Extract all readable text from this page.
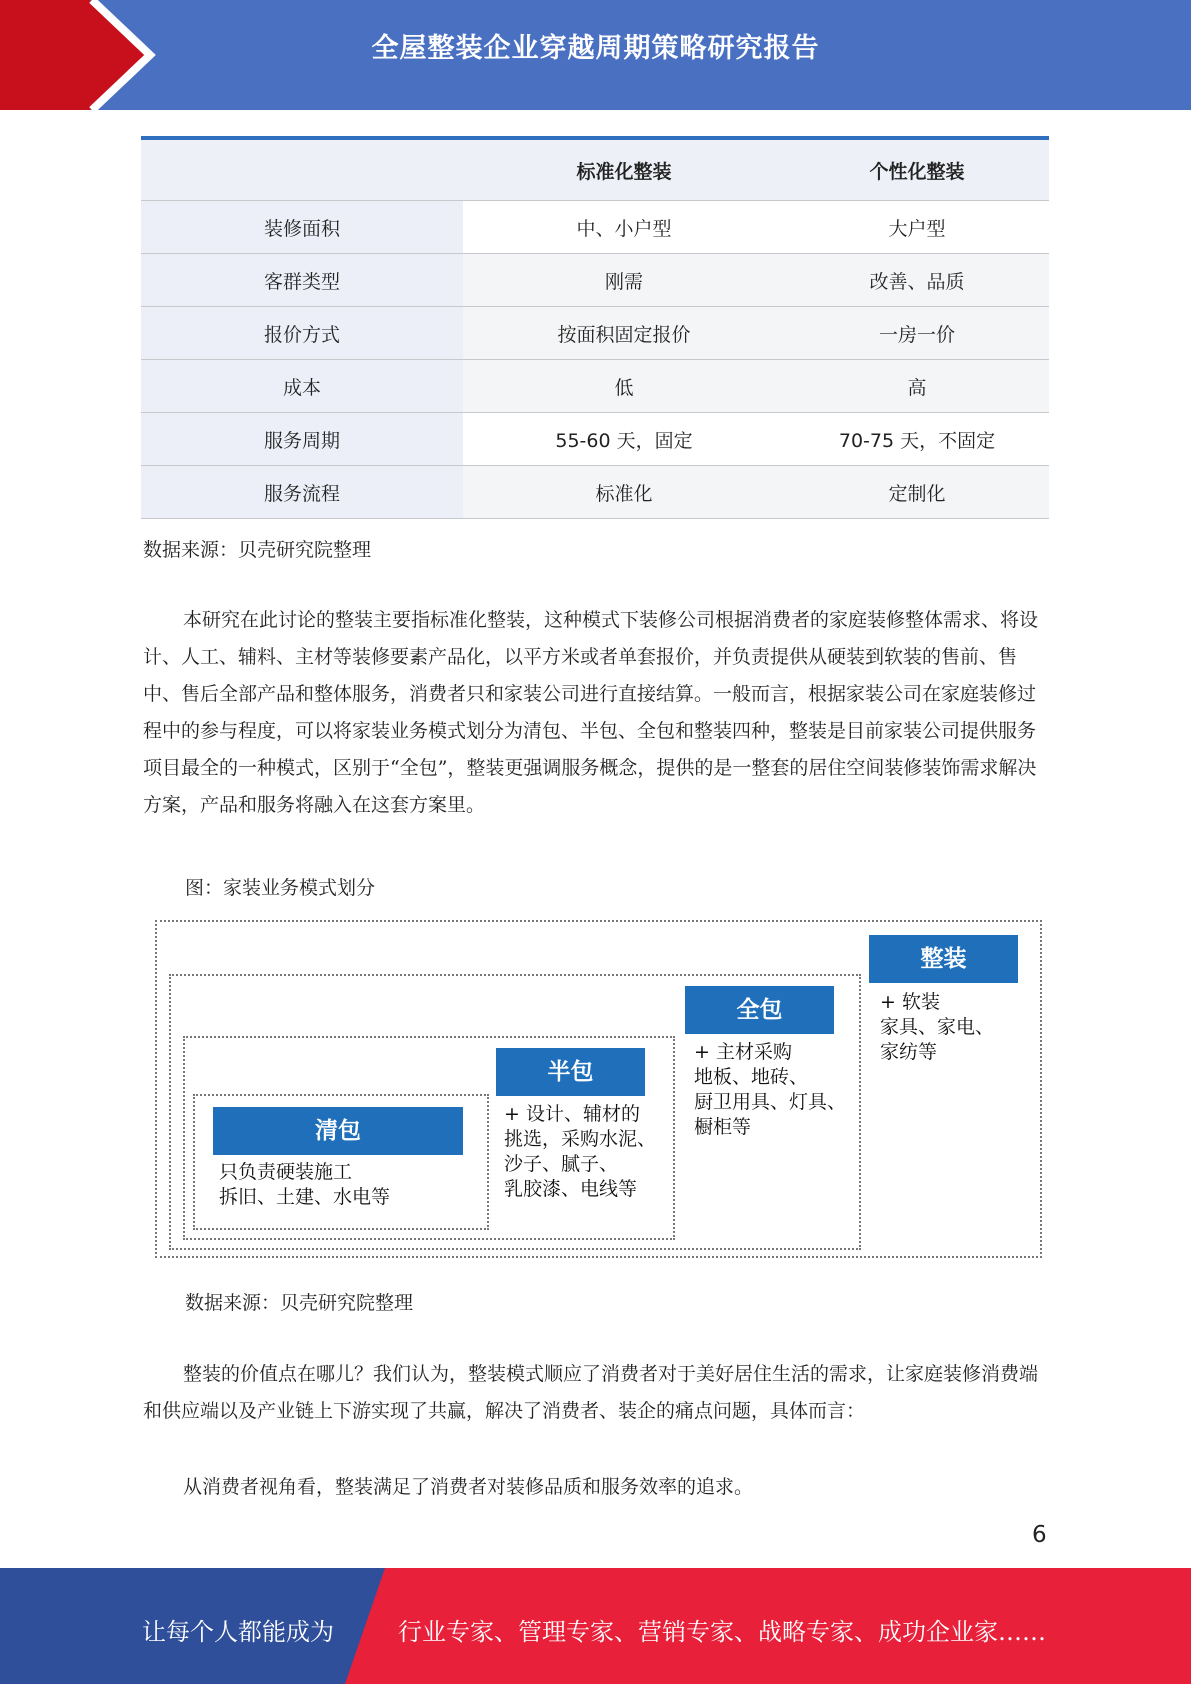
全屋整装企业穿越周期策略研究报告
	标准化整装	个性化整装
装修面积	中、小户型	大户型
客群类型	刚需	改善、品质
报价方式	按面积固定报价	一房一价
成本	低	高
服务周期	55-60 天，固定	70-75 天，不固定
服务流程	标准化	定制化
数据来源：贝壳研究院整理

本研究在此讨论的整装主要指标准化整装，这种模式下装修公司根据消费者的家庭装修整体需求、将设计、人工、辅料、主材等装修要素产品化，以平方米或者单套报价，并负责提供从硬装到软装的售前、售中、售后全部产品和整体服务，消费者只和家装公司进行直接结算。一般而言，根据家装公司在家庭装修过程中的参与程度，可以将家装业务模式划分为清包、半包、全包和整装四种，整装是目前家装公司提供服务项目最全的一种模式，区别于“全包”，整装更强调服务概念，提供的是一整套的居住空间装修装饰需求解决方案，产品和服务将融入在这套方案里。

图：家装业务模式划分
清包
只负责硬装施工
拆旧、土建、水电等
半包
+ 设计、辅材的
挑选，采购水泥、
沙子、腻子、
乳胶漆、电线等
全包
+ 主材采购
地板、地砖、
厨卫用具、灯具、
橱柜等
整装
+ 软装
家具、家电、
家纺等
数据来源：贝壳研究院整理

整装的价值点在哪儿？我们认为，整装模式顺应了消费者对于美好居住生活的需求，让家庭装修消费端和供应端以及产业链上下游实现了共赢，解决了消费者、装企的痛点问题，具体而言：

从消费者视角看，整装满足了消费者对装修品质和服务效率的追求。

6
让每个人都能成为	行业专家、管理专家、营销专家、战略专家、成功企业家……
